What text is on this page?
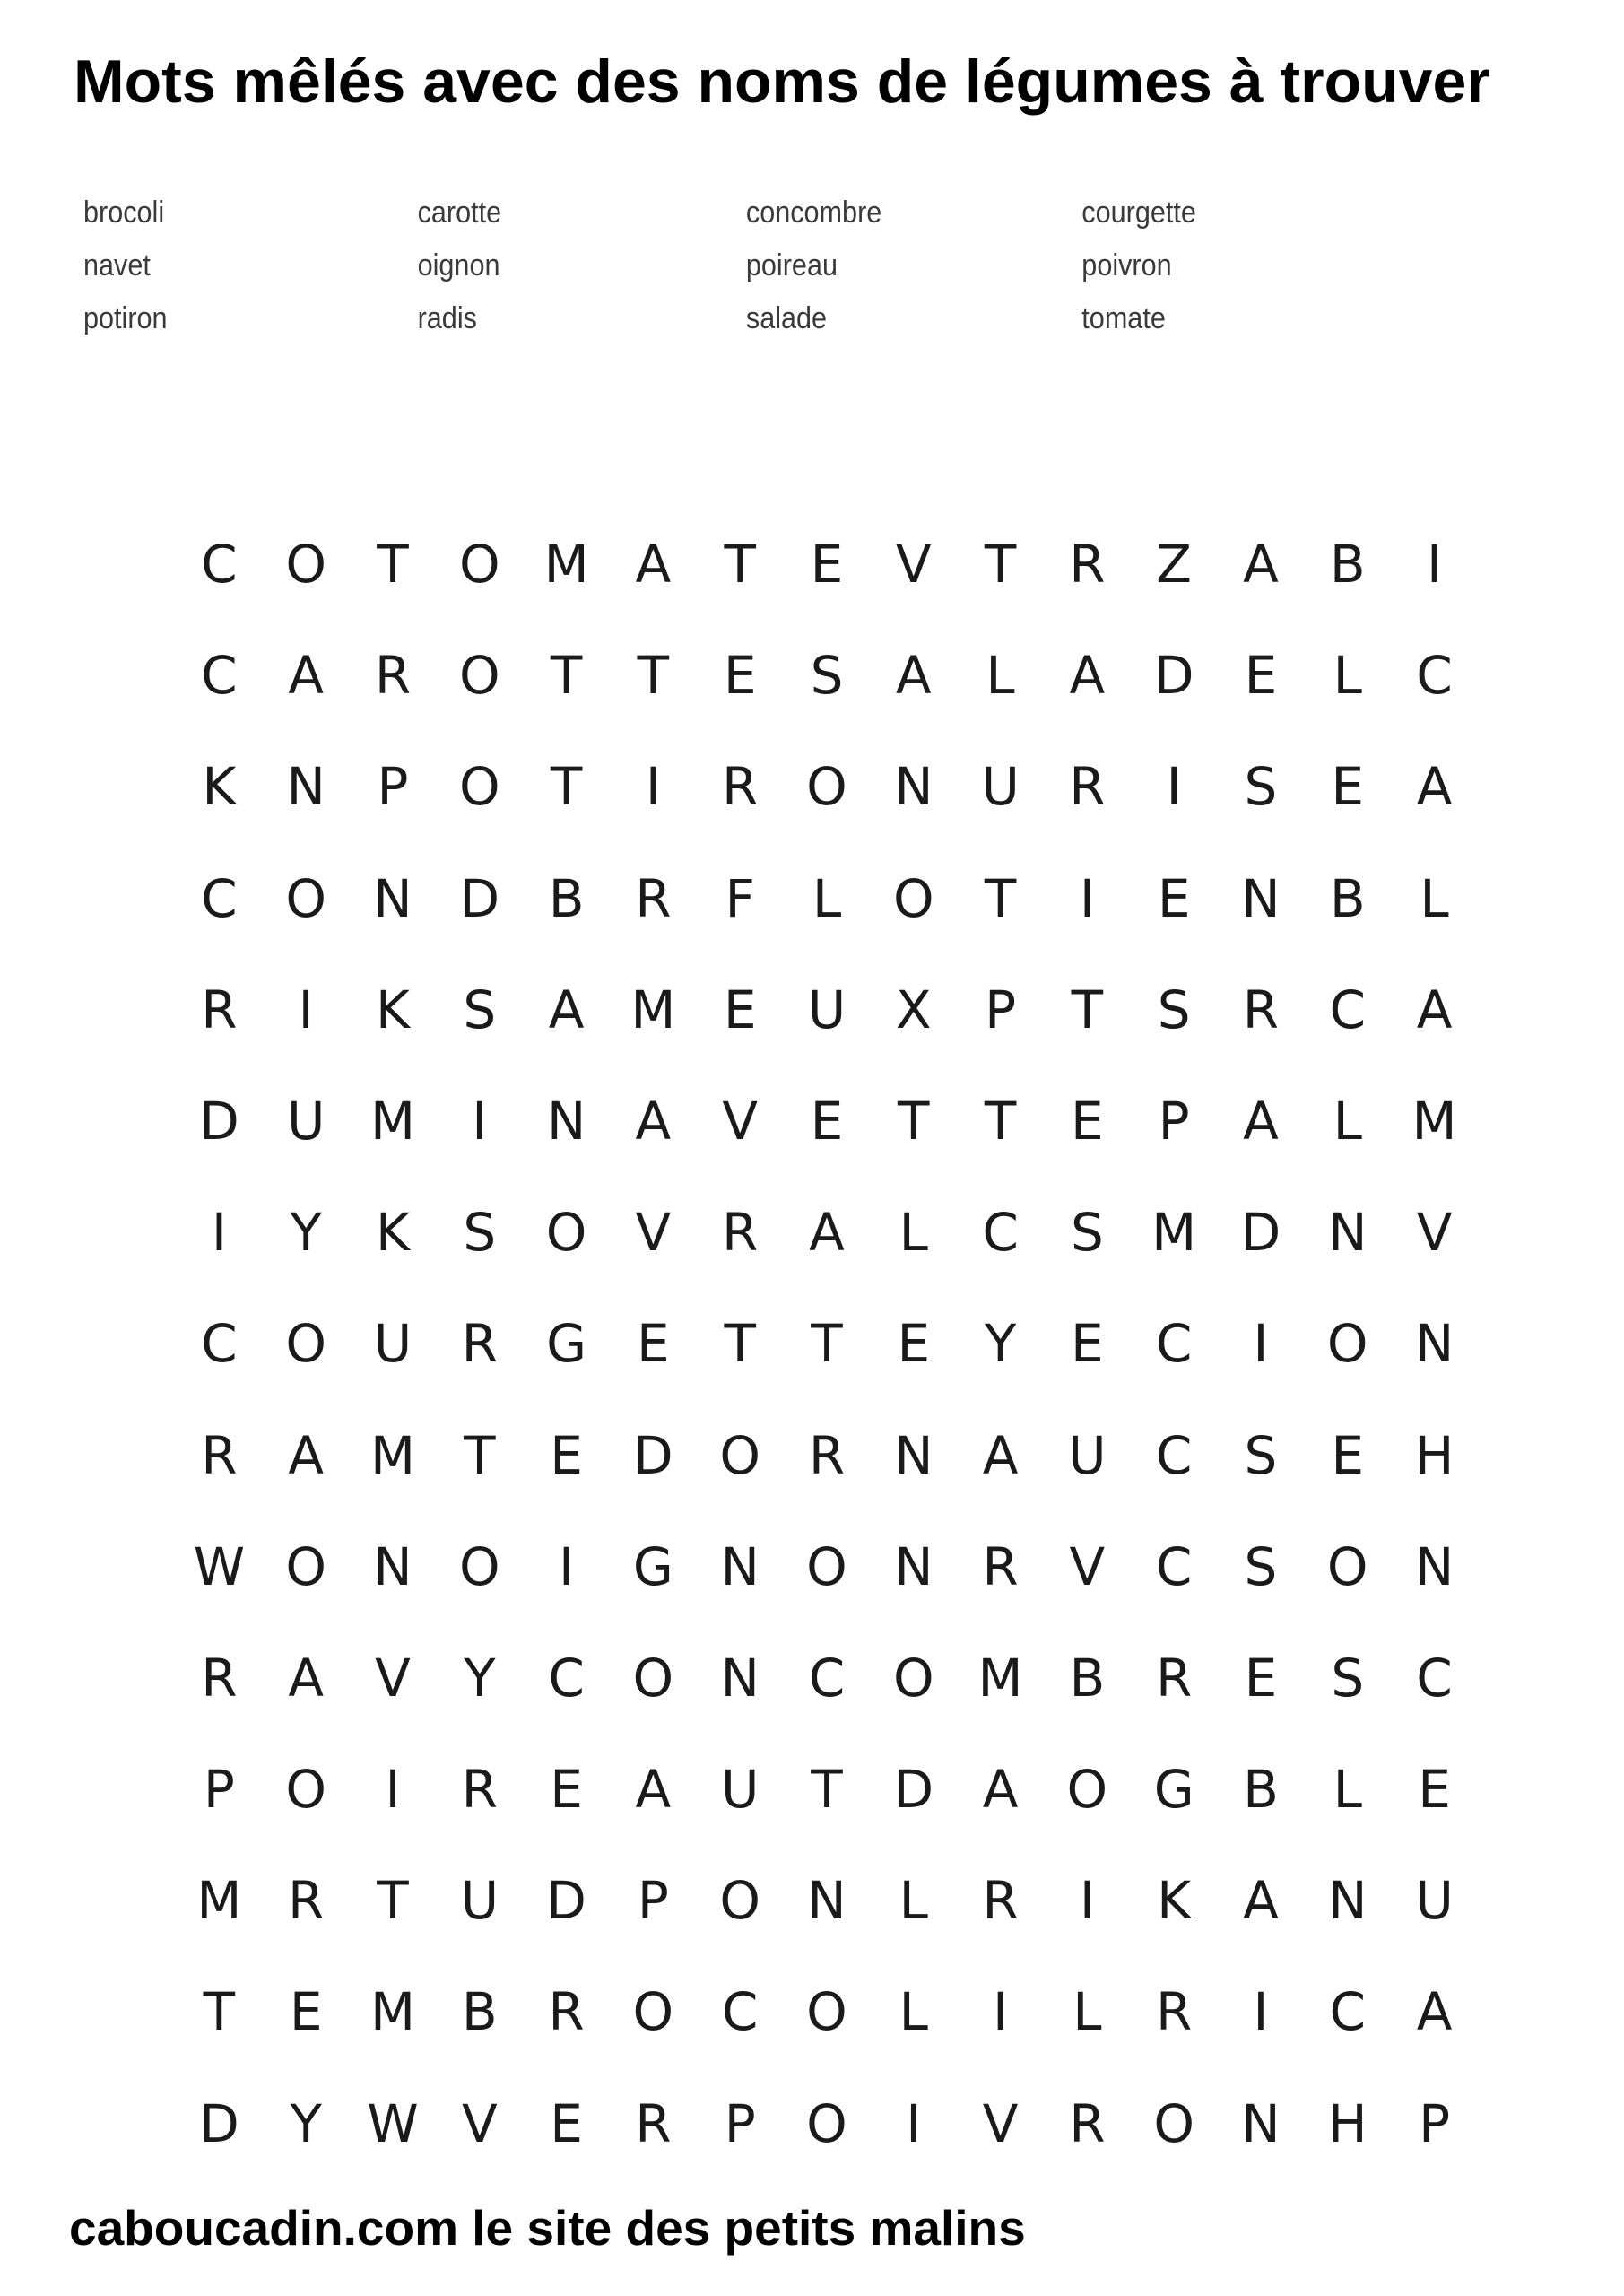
Mots mêlés avec des noms de légumes à trouver
brocoli	carotte	concombre	courgette
navet	oignon	poireau	poivron
potiron	radis	salade	tomate
C O T O M A	T	E	V	T	R Z A B	I
C A R O T	T	E	S	A	L	A D E	L	C
K N P O T	I	R O N U R	I	S	E	A
C O N D B R	F	L O T	I	E N B	L
R	I	K	S	A M E U X	P	T	S	R C A
D U M	I	N A V	E	T	T	E	P	A	L M
I	Y	K	S O V R A	L	C	S M D N V
C O U R G E	T	T	E	Y	E	C	I	O N
R A M T	E D O R N A U C	S	E H
W O N O	I	G N O N R V C	S O N
R A V	Y	C O N C O M B R	E	S	C
P O	I	R	E	A U T D A O G B	L	E
M R	T U D P O N	L	R	I	K A N U
T	E M B R O C O L	I	L	R	I	C A
D Y W V	E	R	P O	I	V R O N H P
caboucadin.com le site des petits malins
